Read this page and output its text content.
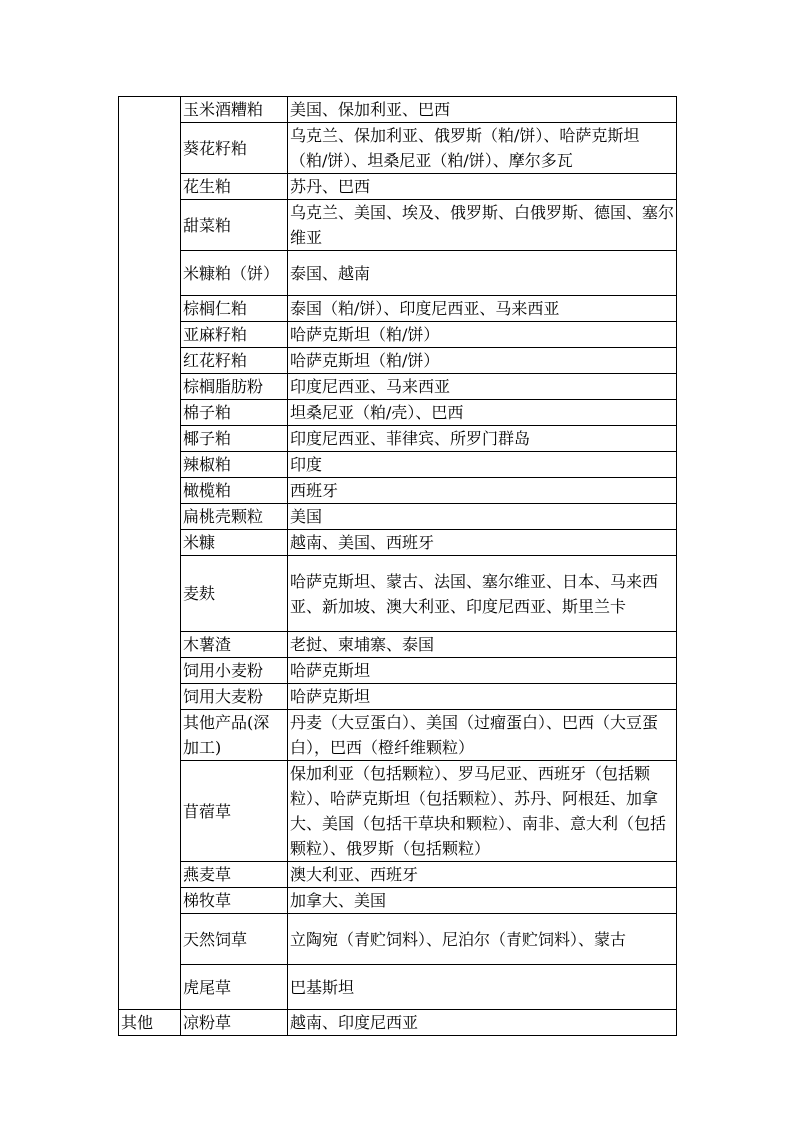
	玉米酒糟粕	美国、保加利亚、巴西
	葵花籽粕	乌克兰、保加利亚、俄罗斯（粕/饼）、哈萨克斯坦（粕/饼）、坦桑尼亚（粕/饼）、摩尔多瓦
	花生粕	苏丹、巴西
	甜菜粕	乌克兰、美国、埃及、俄罗斯、白俄罗斯、德国、塞尔维亚
	米糠粕（饼）	泰国、越南
	棕榈仁粕	泰国（粕/饼）、印度尼西亚、马来西亚
	亚麻籽粕	哈萨克斯坦（粕/饼）
	红花籽粕	哈萨克斯坦（粕/饼）
	棕榈脂肪粉	印度尼西亚、马来西亚
	棉子粕	坦桑尼亚（粕/壳）、巴西
	椰子粕	印度尼西亚、菲律宾、所罗门群岛
	辣椒粕	印度
	橄榄粕	西班牙
	扁桃壳颗粒	美国
	米糠	越南、美国、西班牙
	麦麸	哈萨克斯坦、蒙古、法国、塞尔维亚、日本、马来西亚、新加坡、澳大利亚、印度尼西亚、斯里兰卡
	木薯渣	老挝、柬埔寨、泰国
	饲用小麦粉	哈萨克斯坦
	饲用大麦粉	哈萨克斯坦
	其他产品(深加工)	丹麦（大豆蛋白）、美国（过瘤蛋白）、巴西（大豆蛋白），巴西（橙纤维颗粒）
	苜蓿草	保加利亚（包括颗粒）、罗马尼亚、西班牙（包括颗粒）、哈萨克斯坦（包括颗粒）、苏丹、阿根廷、加拿大、美国（包括干草块和颗粒）、南非、意大利（包括颗粒）、俄罗斯（包括颗粒）
	燕麦草	澳大利亚、西班牙
	梯牧草	加拿大、美国
	天然饲草	立陶宛（青贮饲料）、尼泊尔（青贮饲料）、蒙古
	虎尾草	巴基斯坦
其他	凉粉草	越南、印度尼西亚
